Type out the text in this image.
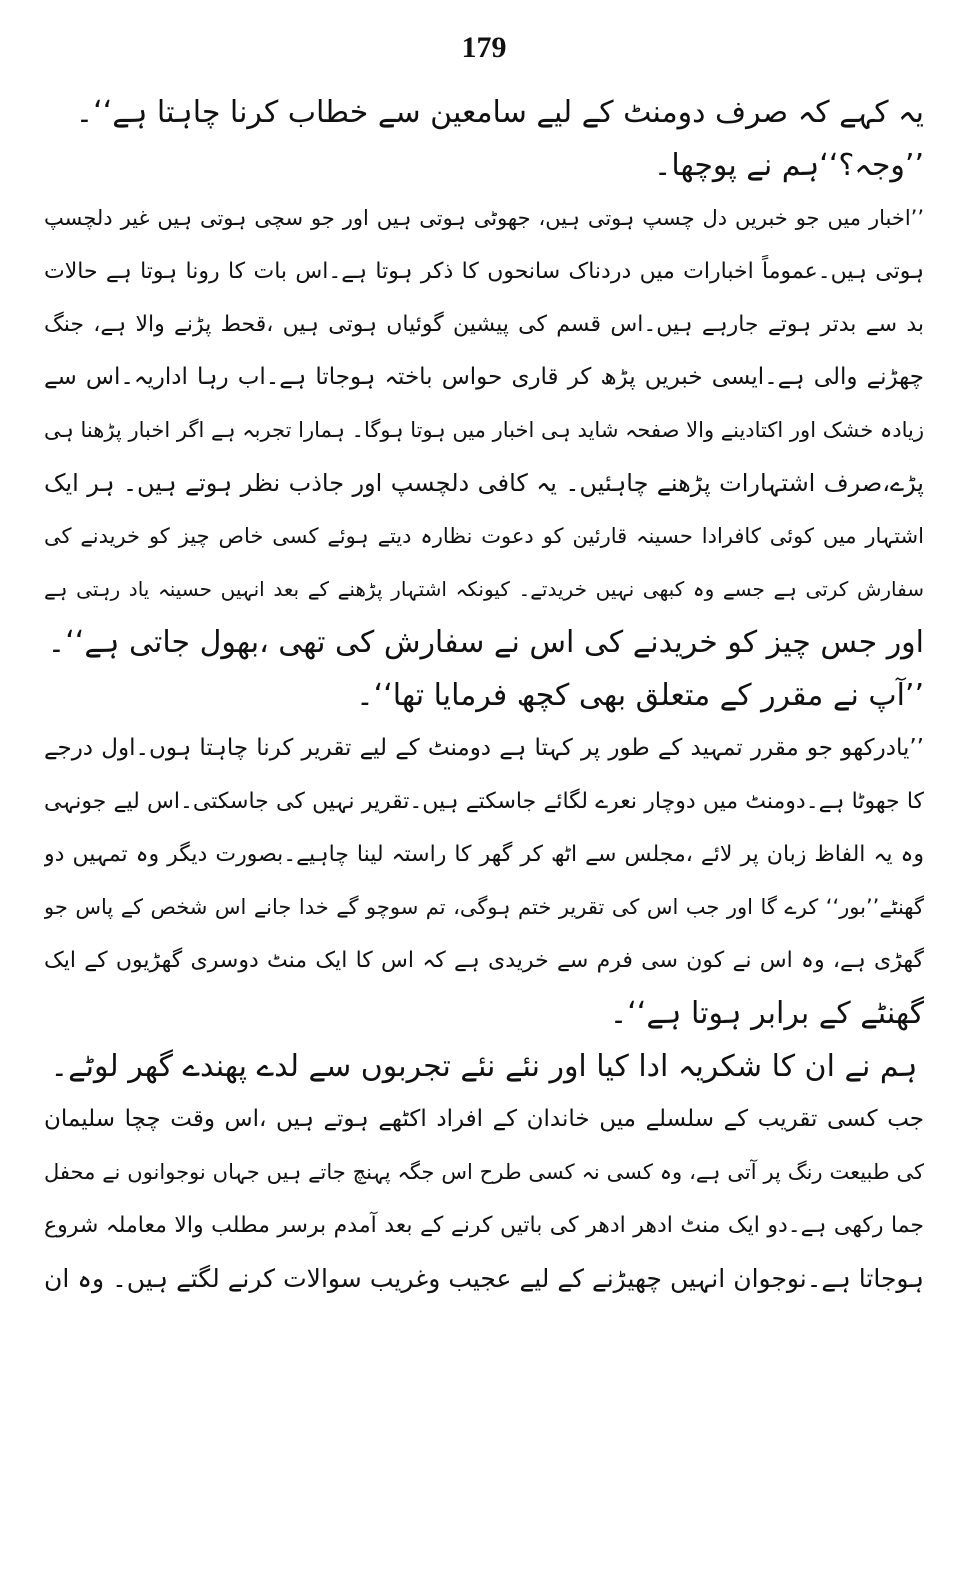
179
یہ کہے کہ صرف دومنٹ کے لیے سامعین سے خطاب کرنا چاہتا ہے‘‘۔
’’وجہ؟‘‘ہم نے پوچھا۔
’’اخبار میں جو خبریں دل چسپ ہوتی ہیں، جھوٹی ہوتی ہیں اور جو سچی ہوتی ہیں غیر دلچسپ
ہوتی ہیں۔عموماً اخبارات میں دردناک سانحوں کا ذکر ہوتا ہے۔اس بات کا رونا ہوتا ہے حالات
بد سے بدتر ہوتے جارہے ہیں۔اس قسم کی پیشین گوئیاں ہوتی ہیں ،قحط پڑنے والا ہے، جنگ
چھڑنے والی ہے۔ایسی خبریں پڑھ کر قاری حواس باختہ ہوجاتا ہے۔اب رہا اداریہ۔اس سے
زیادہ خشک اور اکتادینے والا صفحہ شاید ہی اخبار میں ہوتا ہوگا۔ ہمارا تجربہ ہے اگر اخبار پڑھنا ہی
پڑے،صرف اشتہارات پڑھنے چاہئیں۔ یہ کافی دلچسپ اور جاذب نظر ہوتے ہیں۔ ہر ایک
اشتہار میں کوئی کافرادا حسینہ قارئین کو دعوت نظارہ دیتے ہوئے کسی خاص چیز کو خریدنے کی
سفارش کرتی ہے جسے وہ کبھی نہیں خریدتے۔ کیونکہ اشتہار پڑھنے کے بعد انہیں حسینہ یاد رہتی ہے
اور جس چیز کو خریدنے کی اس نے سفارش کی تھی ،بھول جاتی ہے‘‘۔
’’آپ نے مقرر کے متعلق بھی کچھ فرمایا تھا‘‘۔
’’یادرکھو جو مقرر تمہید کے طور پر کہتا ہے دومنٹ کے لیے تقریر کرنا چاہتا ہوں۔اول درجے
کا جھوٹا ہے۔دومنٹ میں دوچار نعرے لگائے جاسکتے ہیں۔تقریر نہیں کی جاسکتی۔اس لیے جونہی
وہ یہ الفاظ زبان پر لائے ،مجلس سے اٹھ کر گھر کا راستہ لینا چاہیے۔بصورت دیگر وہ تمہیں دو
گھنٹے’’بور‘‘ کرے گا اور جب اس کی تقریر ختم ہوگی، تم سوچو گے خدا جانے اس شخص کے پاس جو
گھڑی ہے، وہ اس نے کون سی فرم سے خریدی ہے کہ اس کا ایک منٹ دوسری گھڑیوں کے ایک
گھنٹے کے برابر ہوتا ہے‘‘۔
ہم نے ان کا شکریہ ادا کیا اور نئے نئے تجربوں سے لدے پھندے گھر لوٹے۔
جب کسی تقریب کے سلسلے میں خاندان کے افراد اکٹھے ہوتے ہیں ،اس وقت چچا سلیمان
کی طبیعت رنگ پر آتی ہے، وہ کسی نہ کسی طرح اس جگہ پہنچ جاتے ہیں جہاں نوجوانوں نے محفل
جما رکھی ہے۔دو ایک منٹ ادھر ادھر کی باتیں کرنے کے بعد آمدم برسر مطلب والا معاملہ شروع
ہوجاتا ہے۔نوجوان انہیں چھیڑنے کے لیے عجیب وغریب سوالات کرنے لگتے ہیں۔ وہ ان
